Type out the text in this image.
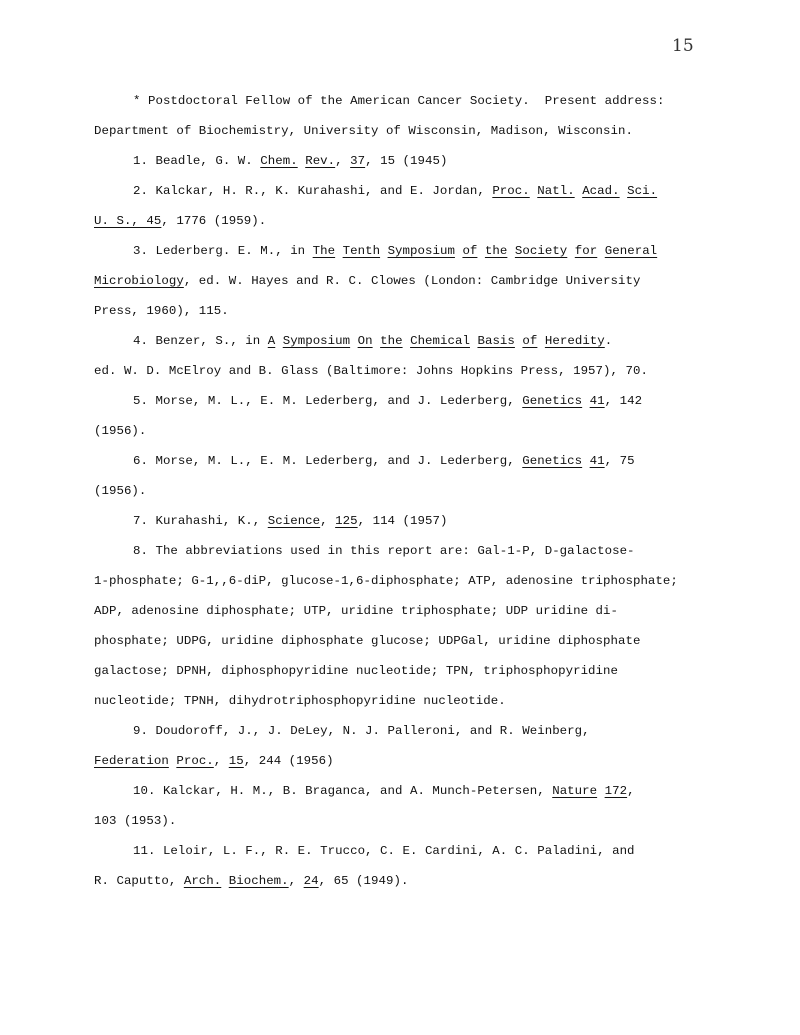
15
* Postdoctoral Fellow of the American Cancer Society.  Present address:
Department of Biochemistry, University of Wisconsin, Madison, Wisconsin.
1. Beadle, G. W. Chem. Rev., 37, 15 (1945)
2. Kalckar, H. R., K. Kurahashi, and E. Jordan, Proc. Natl. Acad. Sci.
U. S., 45, 1776 (1959).
3. Lederberg. E. M., in The Tenth Symposium of the Society for General
Microbiology, ed. W. Hayes and R. C. Clowes (London: Cambridge University
Press, 1960), 115.
4. Benzer, S., in A Symposium On the Chemical Basis of Heredity.
ed. W. D. McElroy and B. Glass (Baltimore: Johns Hopkins Press, 1957), 70.
5. Morse, M. L., E. M. Lederberg, and J. Lederberg, Genetics 41, 142
(1956).
6. Morse, M. L., E. M. Lederberg, and J. Lederberg, Genetics 41, 75
(1956).
7. Kurahashi, K., Science, 125, 114 (1957)
8. The abbreviations used in this report are: Gal-1-P, D-galactose-
1-phosphate; G-1,,6-diP, glucose-1,6-diphosphate; ATP, adenosine triphosphate;
ADP, adenosine diphosphate; UTP, uridine triphosphate; UDP uridine di-
phosphate; UDPG, uridine diphosphate glucose; UDPGal, uridine diphosphate
galactose; DPNH, diphosphopyridine nucleotide; TPN, triphosphopyridine
nucleotide; TPNH, dihydrotriphosphopyridine nucleotide.
9. Doudoroff, J., J. DeLey, N. J. Palleroni, and R. Weinberg,
Federation Proc., 15, 244 (1956)
10. Kalckar, H. M., B. Braganca, and A. Munch-Petersen, Nature 172,
103 (1953).
11. Leloir, L. F., R. E. Trucco, C. E. Cardini, A. C. Paladini, and
R. Caputto, Arch. Biochem., 24, 65 (1949).
